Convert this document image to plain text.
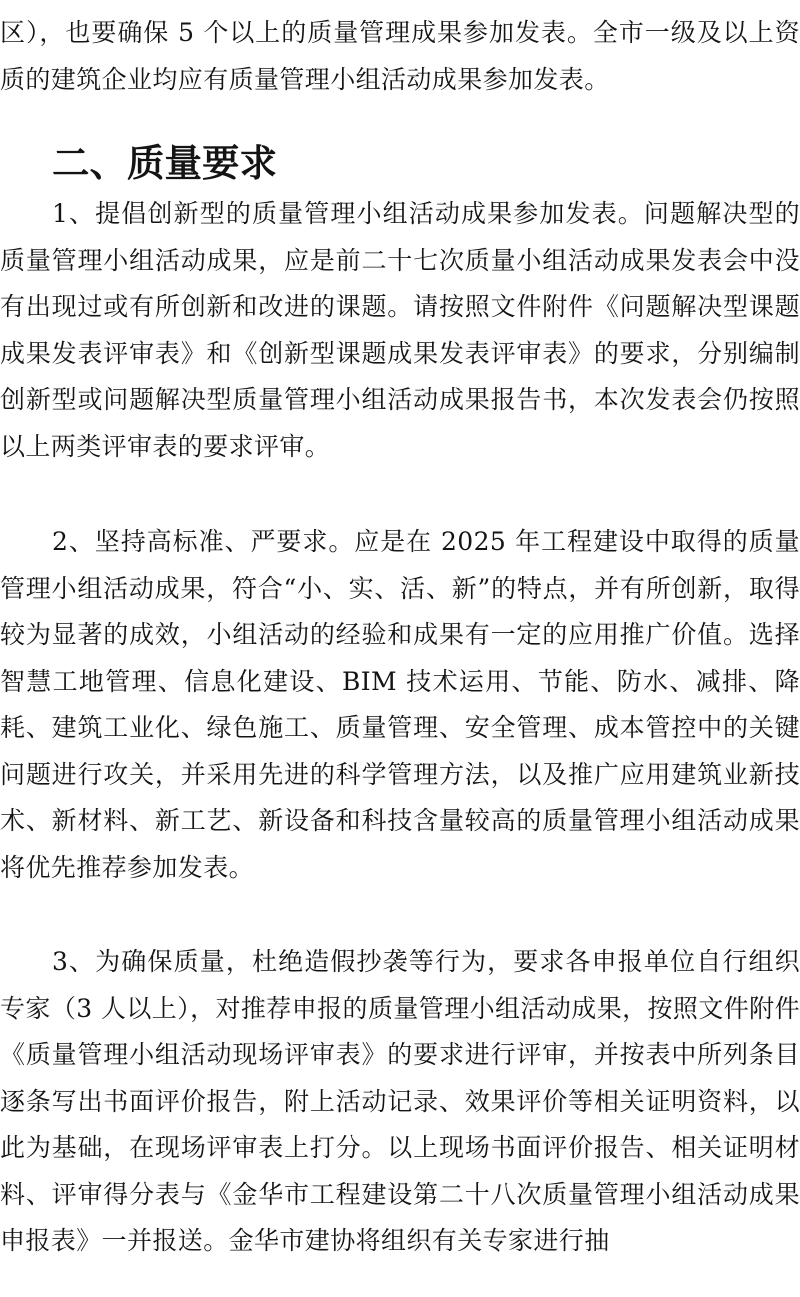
区），也要确保 5 个以上的质量管理成果参加发表。全市一级及以上资质的建筑企业均应有质量管理小组活动成果参加发表。

二、质量要求

1、提倡创新型的质量管理小组活动成果参加发表。问题解决型的质量管理小组活动成果，应是前二十七次质量小组活动成果发表会中没有出现过或有所创新和改进的课题。请按照文件附件《问题解决型课题成果发表评审表》和《创新型课题成果发表评审表》的要求，分别编制创新型或问题解决型质量管理小组活动成果报告书，本次发表会仍按照以上两类评审表的要求评审。

2、坚持高标准、严要求。应是在 2025 年工程建设中取得的质量管理小组活动成果，符合“小、实、活、新”的特点，并有所创新，取得较为显著的成效，小组活动的经验和成果有一定的应用推广价值。选择智慧工地管理、信息化建设、BIM 技术运用、节能、防水、减排、降耗、建筑工业化、绿色施工、质量管理、安全管理、成本管控中的关键问题进行攻关，并采用先进的科学管理方法，以及推广应用建筑业新技术、新材料、新工艺、新设备和科技含量较高的质量管理小组活动成果将优先推荐参加发表。

3、为确保质量，杜绝造假抄袭等行为，要求各申报单位自行组织专家（3 人以上），对推荐申报的质量管理小组活动成果，按照文件附件《质量管理小组活动现场评审表》的要求进行评审，并按表中所列条目逐条写出书面评价报告，附上活动记录、效果评价等相关证明资料，以此为基础，在现场评审表上打分。以上现场书面评价报告、相关证明材料、评审得分表与《金华市工程建设第二十八次质量管理小组活动成果申报表》一并报送。金华市建协将组织有关专家进行抽
